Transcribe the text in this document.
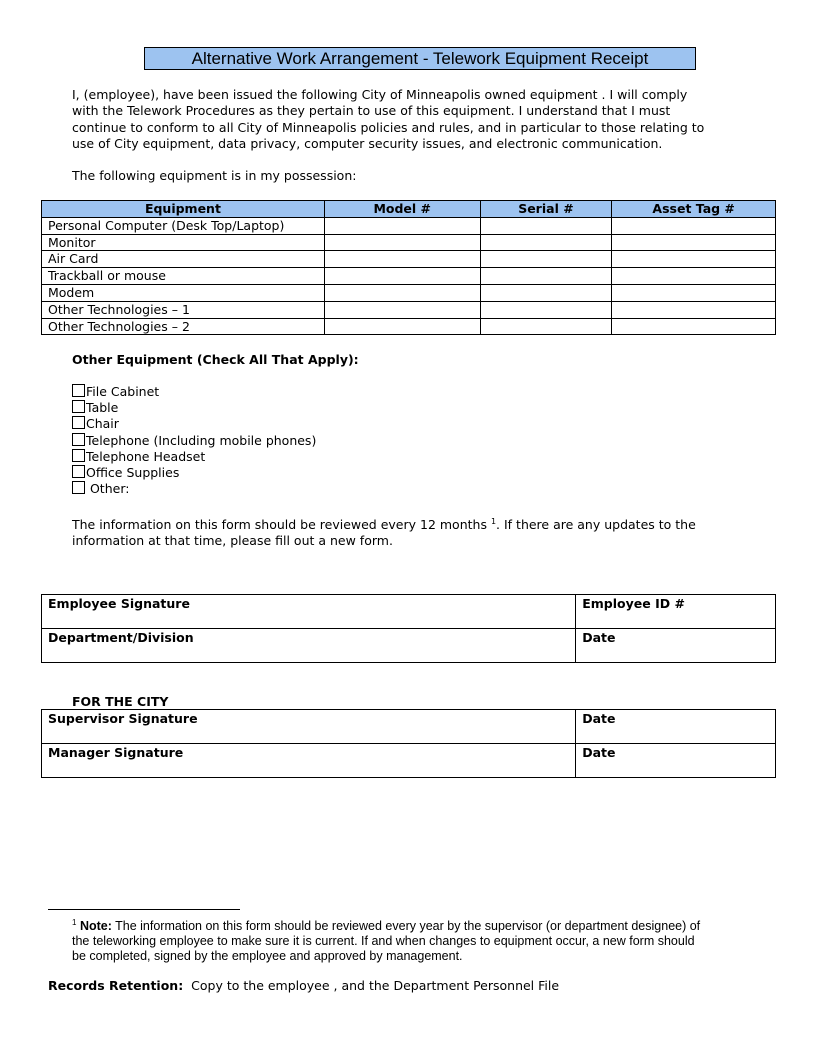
Alternative Work Arrangement - Telework Equipment Receipt

I, (employee), have been issued the following City of Minneapolis owned equipment . I will comply

with the Telework Procedures as they pertain to use of this equipment. I understand that I must

continue to conform to all City of Minneapolis policies and rules, and in particular to those relating to

use of City equipment, data privacy, computer security issues, and electronic communication.

The following equipment is in my possession:
Equipment	Model #	Serial #	Asset Tag #
Personal Computer (Desk Top/Laptop)			
Monitor			
Air Card			
Trackball or mouse			
Modem			
Other Technologies – 1			
Other Technologies – 2			
Other Equipment (Check All That Apply):
File Cabinet
Table
Chair
Telephone (Including mobile phones)
Telephone Headset
Office Supplies
Other:

The information on this form should be reviewed every 12 months $^1$. If there are any updates to the

information at that time, please fill out a new form.

Employee Signature	Employee ID #
Department/Division	Date
FOR THE CITY
Supervisor Signature	Date
Manager Signature	Date

$^1$ Note: The information on this form should be reviewed every year by the supervisor (or department designee) of

the teleworking employee to make sure it is current. If and when changes to equipment occur, a new form should

be completed, signed by the employee and approved by management.

Records Retention:  Copy to the employee , and the Department Personnel File
